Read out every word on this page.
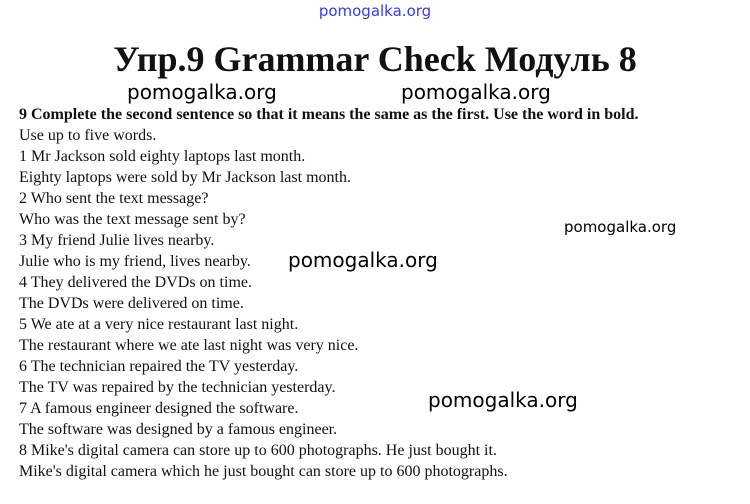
pomogalka.org
Упр.9 Grammar Check Модуль 8
9 Complete the second sentence so that it means the same as the first. Use the word in bold.
Use up to five words.
1 Mr Jackson sold eighty laptops last month.
Eighty laptops were sold by Mr Jackson last month.
2 Who sent the text message?
Who was the text message sent by?
3 My friend Julie lives nearby.
Julie who is my friend, lives nearby.
4 They delivered the DVDs on time.
The DVDs were delivered on time.
5 We ate at a very nice restaurant last night.
The restaurant where we ate last night was very nice.
6 The technician repaired the TV yesterday.
The TV was repaired by the technician yesterday.
7 A famous engineer designed the software.
The software was designed by a famous engineer.
8 Mike's digital camera can store up to 600 photographs. He just bought it.
Mike's digital camera which he just bought can store up to 600 photographs.
pomogalka.org	pomogalka.org
pomogalka.org
pomogalka.org
pomogalka.org
